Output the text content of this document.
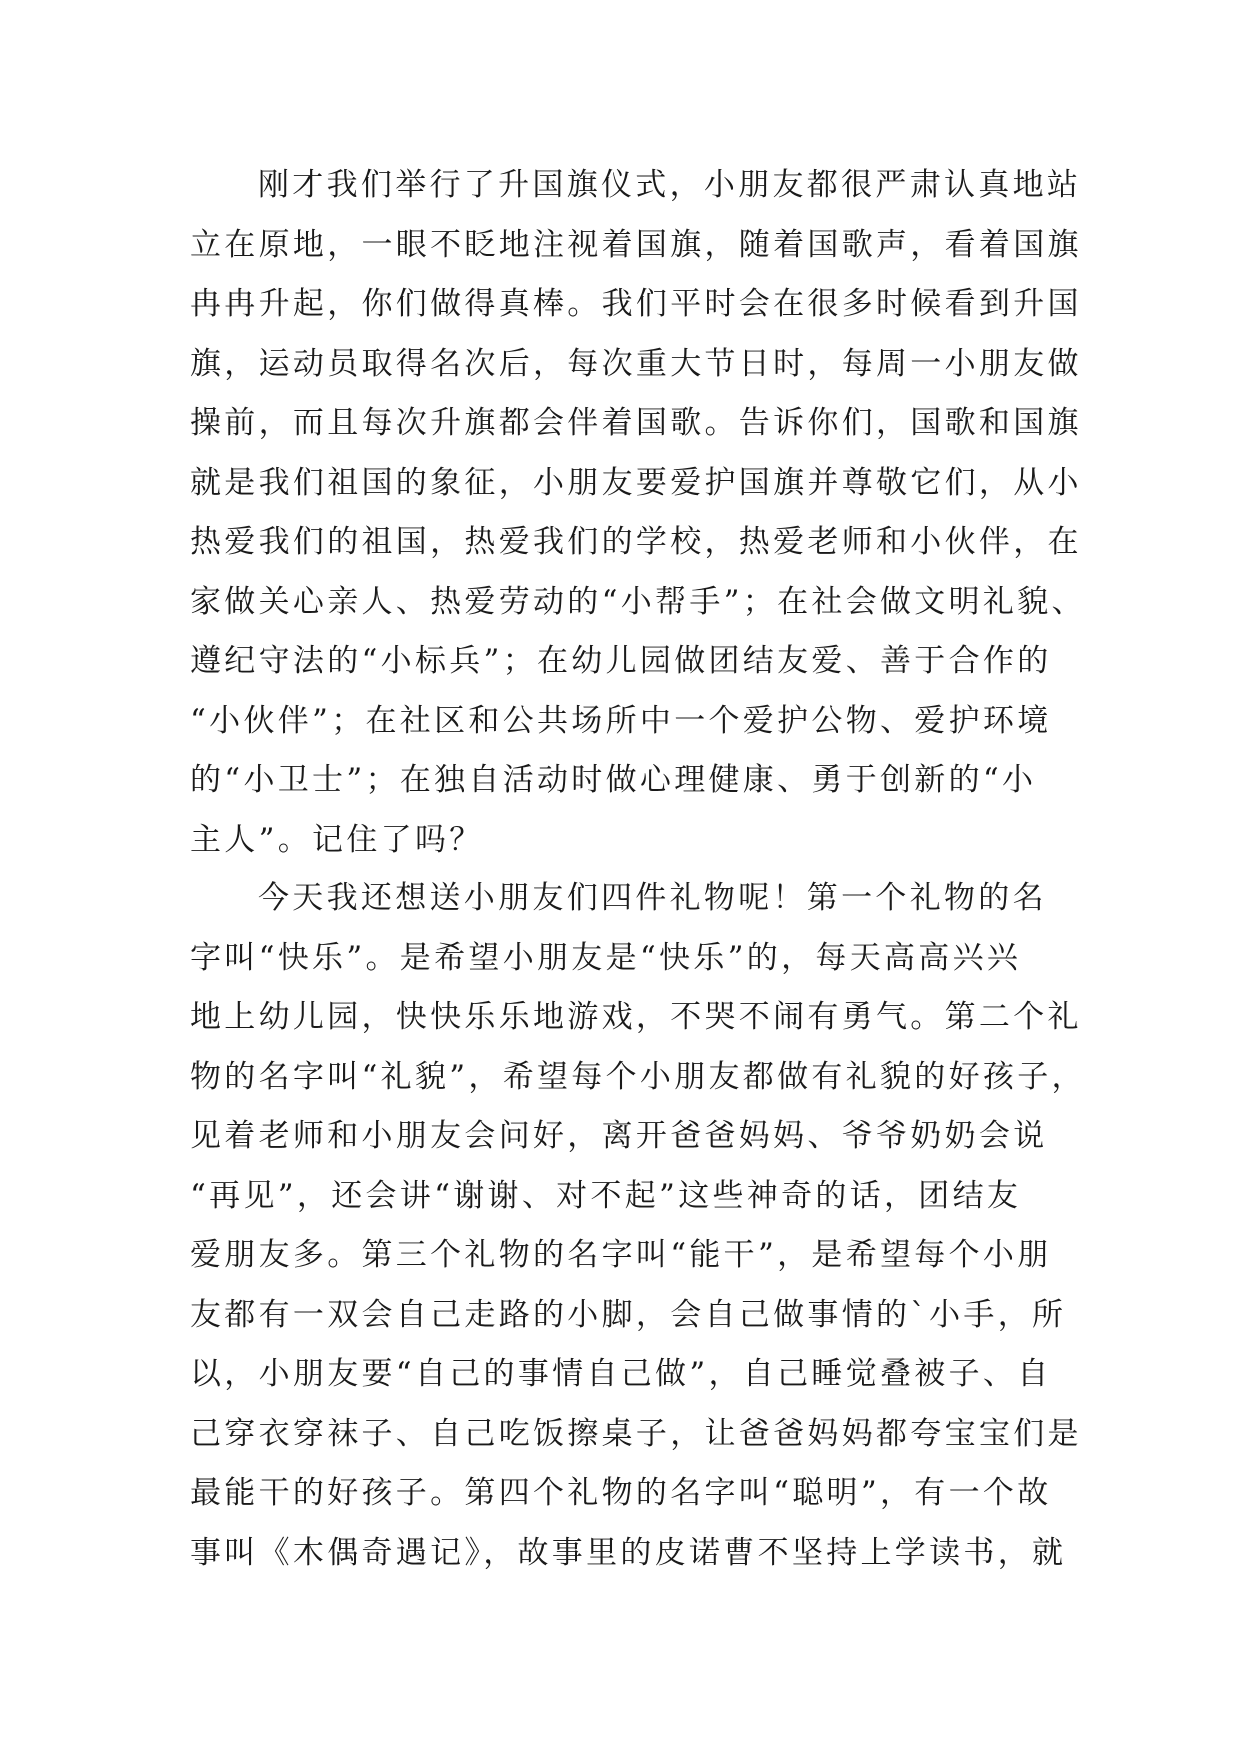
刚才我们举行了升国旗仪式，小朋友都很严肃认真地站
立在原地，一眼不眨地注视着国旗，随着国歌声，看着国旗
冉冉升起，你们做得真棒。我们平时会在很多时候看到升国
旗，运动员取得名次后，每次重大节日时，每周一小朋友做
操前，而且每次升旗都会伴着国歌。告诉你们，国歌和国旗
就是我们祖国的象征，小朋友要爱护国旗并尊敬它们，从小
热爱我们的祖国，热爱我们的学校，热爱老师和小伙伴，在
家做关心亲人、热爱劳动的“小帮手”；在社会做文明礼貌、
遵纪守法的“小标兵”；在幼儿园做团结友爱、善于合作的
“小伙伴”；在社区和公共场所中一个爱护公物、爱护环境
的“小卫士”；在独自活动时做心理健康、勇于创新的“小
主人”。记住了吗？
今天我还想送小朋友们四件礼物呢！第一个礼物的名
字叫“快乐”。是希望小朋友是“快乐”的，每天高高兴兴
地上幼儿园，快快乐乐地游戏，不哭不闹有勇气。第二个礼
物的名字叫“礼貌”，希望每个小朋友都做有礼貌的好孩子，
见着老师和小朋友会问好，离开爸爸妈妈、爷爷奶奶会说
“再见”，还会讲“谢谢、对不起”这些神奇的话，团结友
爱朋友多。第三个礼物的名字叫“能干”，是希望每个小朋
友都有一双会自己走路的小脚，会自己做事情的`小手，所
以，小朋友要“自己的事情自己做”，自己睡觉叠被子、自
己穿衣穿袜子、自己吃饭擦桌子，让爸爸妈妈都夸宝宝们是
最能干的好孩子。第四个礼物的名字叫“聪明”，有一个故
事叫《木偶奇遇记》，故事里的皮诺曹不坚持上学读书，就
